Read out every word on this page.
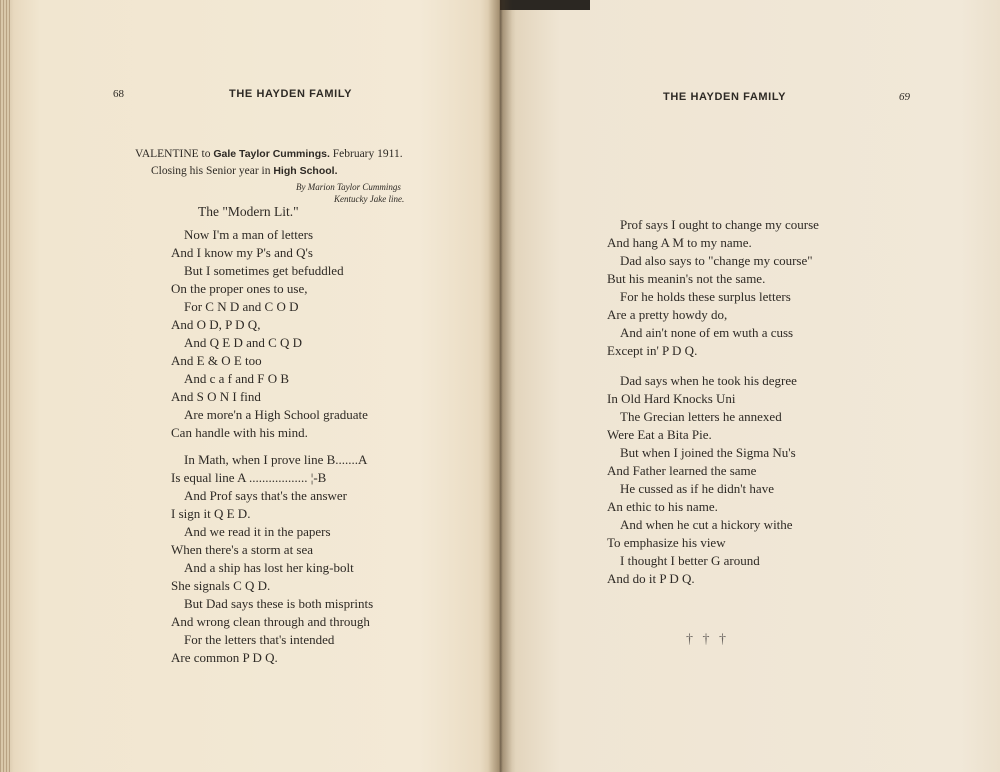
68	THE HAYDEN FAMILY
VALENTINE to Gale Taylor Cummings. February 1911.
Closing his Senior year in High School.
By Marion Taylor Cummings
Kentucky Jake line.
The "Modern Lit."
Now I'm a man of letters
And I know my P's and Q's
But I sometimes get befuddled
On the proper ones to use,
For C N D and C O D
And O D, P D Q,
And Q E D and C Q D
And E & O E too
And c a f and F O B
And S O N I find
Are more'n a High School graduate
Can handle with his mind.
In Math, when I prove line B.......A
Is equal line A .................. ¦-B
And Prof says that's the answer
I sign it Q E D.
And we read it in the papers
When there's a storm at sea
And a ship has lost her king-bolt
She signals C Q D.
But Dad says these is both misprints
And wrong clean through and through
For the letters that's intended
Are common P D Q.
THE HAYDEN FAMILY	69
Prof says I ought to change my course
And hang A M to my name.
Dad also says to "change my course"
But his meanin's not the same.
For he holds these surplus letters
Are a pretty howdy do,
And ain't none of em wuth a cuss
Except in' P D Q.
Dad says when he took his degree
In Old Hard Knocks Uni
The Grecian letters he annexed
Were Eat a Bita Pie.
But when I joined the Sigma Nu's
And Father learned the same
He cussed as if he didn't have
An ethic to his name.
And when he cut a hickory withe
To emphasize his view
I thought I better G around
And do it P D Q.
† † †
